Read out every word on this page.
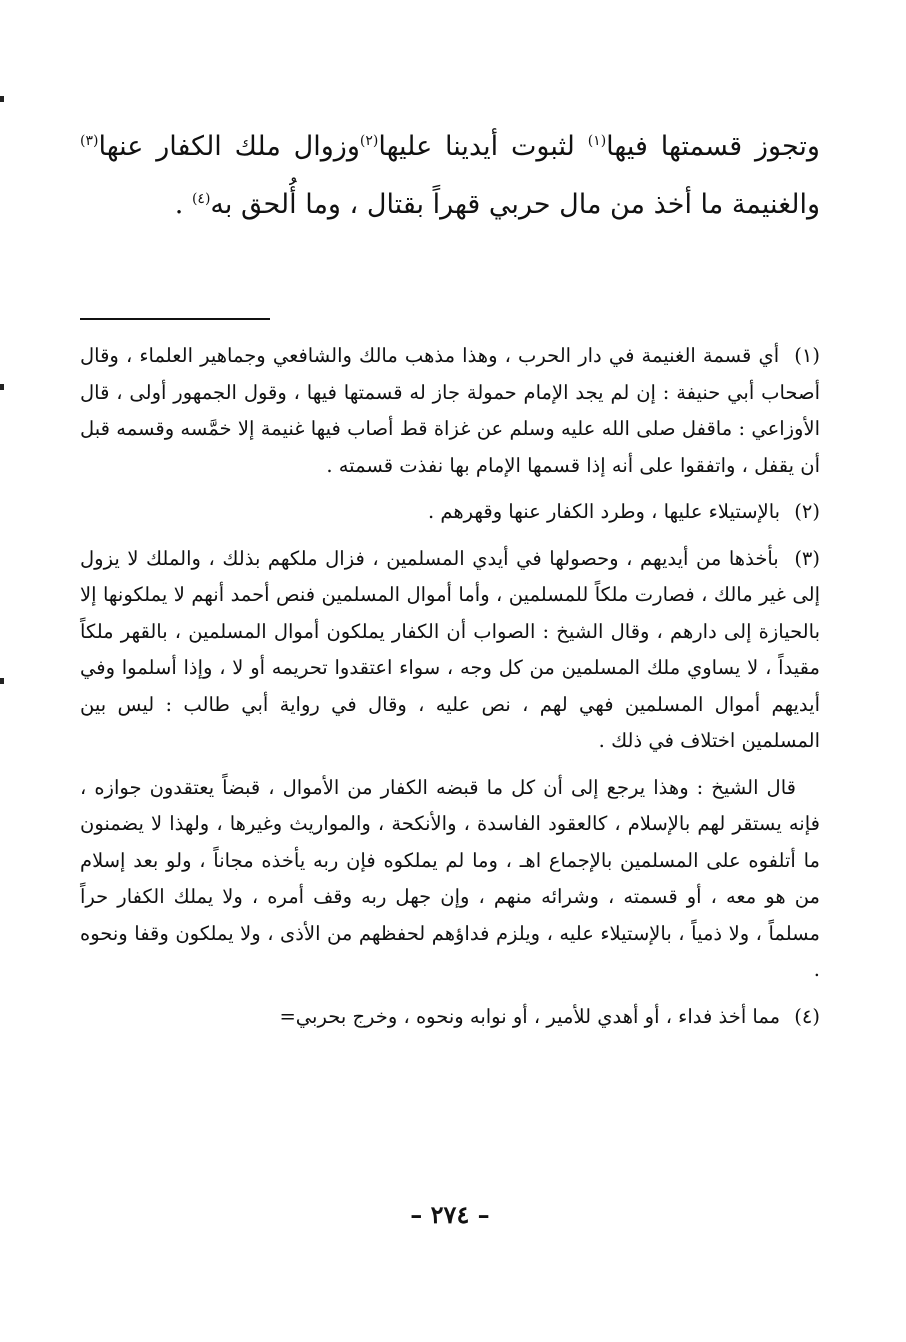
وتجوز قسمتها فيها$^{(١)}$ لثبوت أيدينا عليها$^{(٢)}$وزوال ملك الكفار عنها$^{(٣)}$ والغنيمة ما أخذ من مال حربي قهراً بقتال ، وما أُلحق به$^{(٤)}$ .

(١) أي قسمة الغنيمة في دار الحرب ، وهذا مذهب مالك والشافعي وجماهير العلماء ، وقال أصحاب أبي حنيفة : إن لم يجد الإمام حمولة جاز له قسمتها فيها ، وقول الجمهور أولى ، قال الأوزاعي : ماقفل صلى الله عليه وسلم عن غزاة قط أصاب فيها غنيمة إلا خمَّسه وقسمه قبل أن يقفل ، واتفقوا على أنه إذا قسمها الإمام بها نفذت قسمته .

(٢) بالإستيلاء عليها ، وطرد الكفار عنها وقهرهم .

(٣) بأخذها من أيديهم ، وحصولها في أيدي المسلمين ، فزال ملكهم بذلك ، والملك لا يزول إلى غير مالك ، فصارت ملكاً للمسلمين ، وأما أموال المسلمين فنص أحمد أنهم لا يملكونها إلا بالحيازة إلى دارهم ، وقال الشيخ : الصواب أن الكفار يملكون أموال المسلمين ، بالقهر ملكاً مقيداً ، لا يساوي ملك المسلمين من كل وجه ، سواء اعتقدوا تحريمه أو لا ، وإذا أسلموا وفي أيديهم أموال المسلمين فهي لهم ، نص عليه ، وقال في رواية أبي طالب : ليس بين المسلمين اختلاف في ذلك .

قال الشيخ : وهذا يرجع إلى أن كل ما قبضه الكفار من الأموال ، قبضاً يعتقدون جوازه ، فإنه يستقر لهم بالإسلام ، كالعقود الفاسدة ، والأنكحة ، والمواريث وغيرها ، ولهذا لا يضمنون ما أتلفوه على المسلمين بالإجماع اهـ ، وما لم يملكوه فإن ربه يأخذه مجاناً ، ولو بعد إسلام من هو معه ، أو قسمته ، وشرائه منهم ، وإن جهل ربه وقف أمره ، ولا يملك الكفار حراً مسلماً ، ولا ذمياً ، بالإستيلاء عليه ، ويلزم فداؤهم لحفظهم من الأذى ، ولا يملكون وقفا ونحوه .

(٤) مما أخذ فداء ، أو أهدي للأمير ، أو نوابه ونحوه ، وخرج بحربي=

– ٢٧٤ –
